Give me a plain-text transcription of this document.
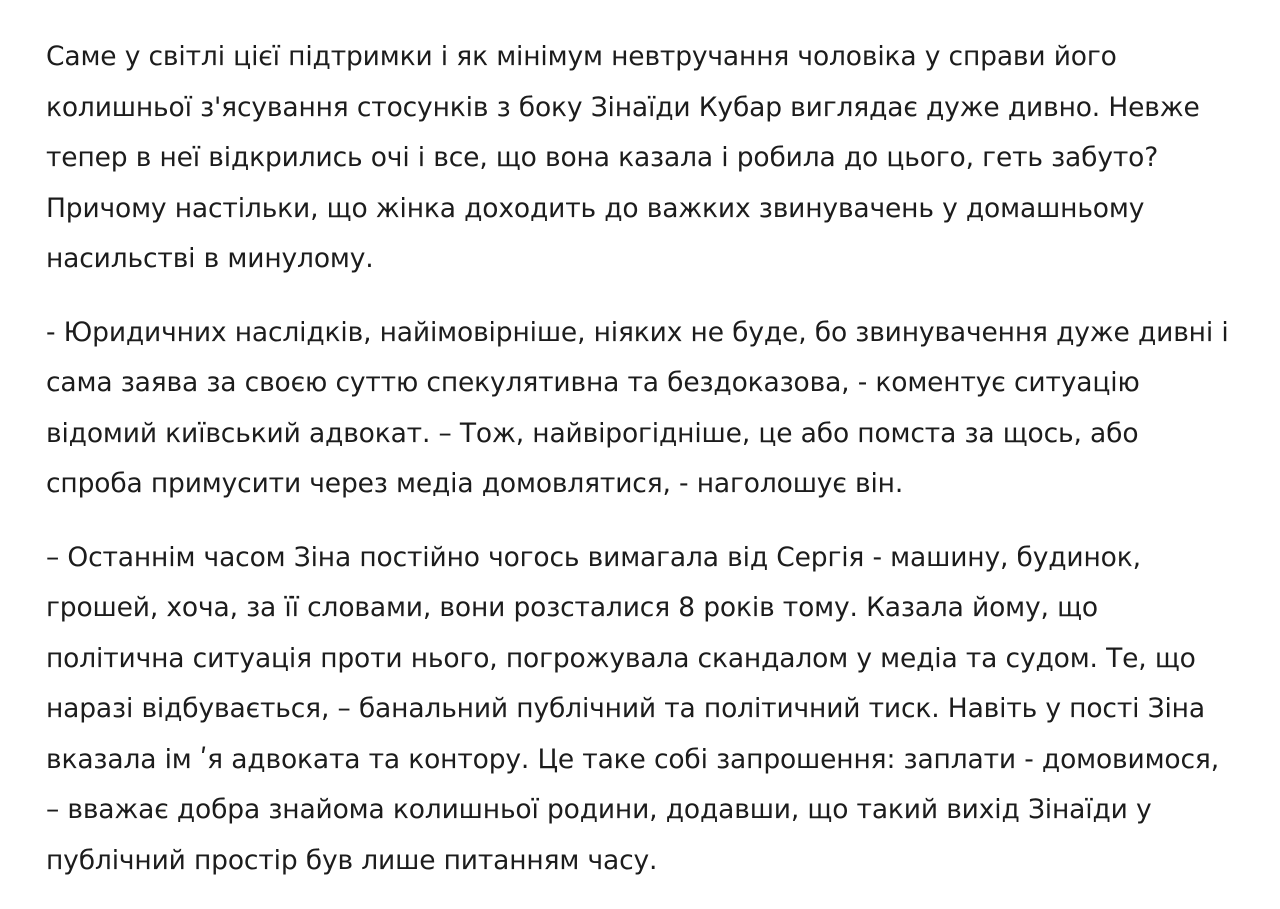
Саме у світлі цієї підтримки і як мінімум невтручання чоловіка у справи його
колишньої з'ясування стосунків з боку Зінаїди Кубар виглядає дуже дивно. Невже
тепер в неї відкрились очі і все, що вона казала і робила до цього, геть забуто?
Причому настільки, що жінка доходить до важких звинувачень у домашньому
насильстві в минулому.

- Юридичних наслідків, найімовірніше, ніяких не буде, бо звинувачення дуже дивні і
сама заява за своєю суттю спекулятивна та бездоказова, - коментує ситуацію
відомий київський адвокат. – Тож, найвірогідніше, це або помста за щось, або
спроба примусити через медіа домовлятися, - наголошує він.

– Останнім часом Зіна постійно чогось вимагала від Сергія - машину, будинок,
грошей, хоча, за її словами, вони розсталися 8 років тому. Казала йому, що
політична ситуація проти нього, погрожувала скандалом у медіа та судом. Те, що
наразі відбувається, – банальний публічний та політичний тиск. Навіть у пості Зіна
вказала ім ʹя адвоката та контору. Це таке собі запрошення: заплати - домовимося,
– вважає добра знайома колишньої родини, додавши, що такий вихід Зінаїди у
публічний простір був лише питанням часу.
